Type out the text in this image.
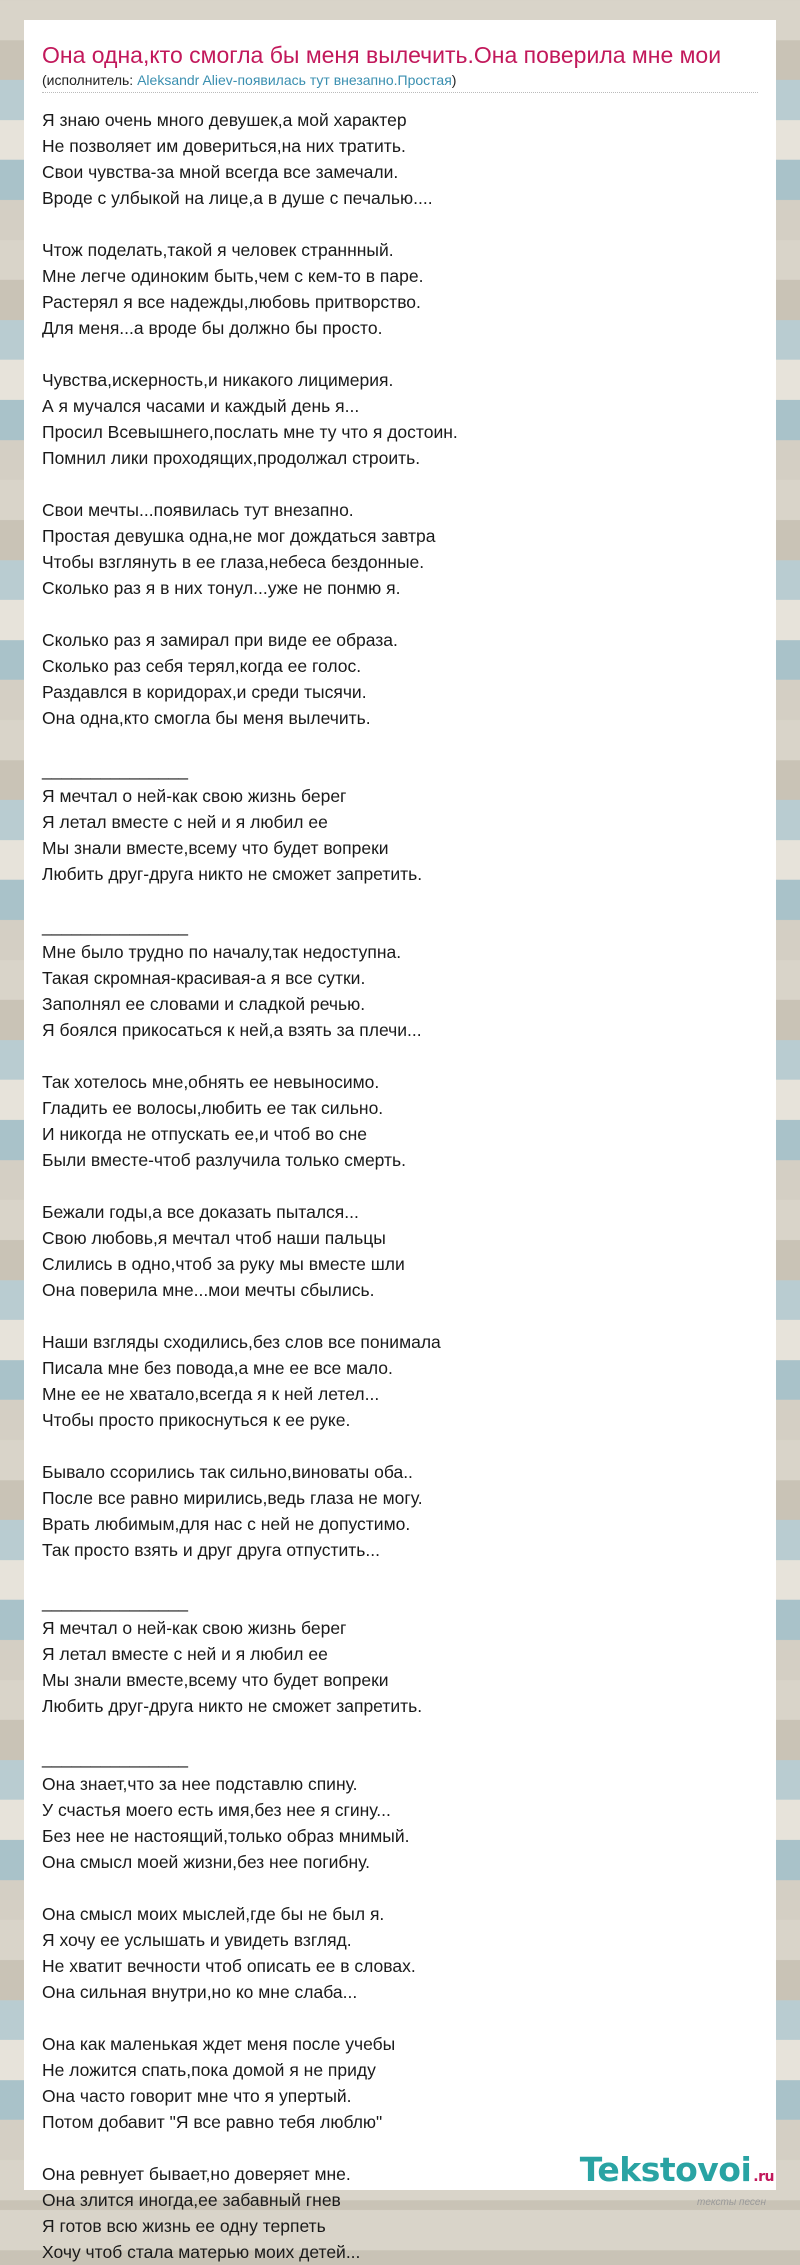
Она одна,кто смогла бы меня вылечить.Она поверила мне мои
(исполнитель: Aleksandr Aliev-появилась тут внезапно.Простая)
Я знаю очень много девушек,а мой характер
Не позволяет им довериться,на них тратить.
Свои чувства-за мной всегда все замечали.
Вроде с улбыкой на лице,а в душе с печалью....
Чтож поделать,такой я человек страннный.
Мне легче одиноким быть,чем с кем-то в паре.
Растерял я все надежды,любовь притворство.
Для меня...а вроде бы должно бы просто.
Чувства,искерность,и никакого лицимерия.
А я мучался часами и каждый день я...
Просил Всевышнего,послать мне ту что я достоин.
Помнил лики проходящих,продолжал строить.
Свои мечты...появилась тут внезапно.
Простая девушка одна,не мог дождаться завтра
Чтобы взглянуть в ее глаза,небеса бездонные.
Сколько раз я в них тонул...уже не понмю я.
Сколько раз я замирал при виде ее образа.
Сколько раз себя терял,когда ее голос.
Раздавлся в коридорах,и среди тысячи.
Она одна,кто смогла бы меня вылечить.
_______________
Я мечтал о ней-как свою жизнь берег
Я летал вместе с ней и я любил ее
Мы знали вместе,всему что будет вопреки
Любить друг-друга никто не сможет запретить.
_______________
Мне было трудно по началу,так недоступна.
Такая скромная-красивая-а я все сутки.
Заполнял ее словами и сладкой речью.
Я боялся прикосаться к ней,а взять за плечи...
Так хотелось мне,обнять ее невыносимо.
Гладить ее волосы,любить ее так сильно.
И никогда не отпускать ее,и чтоб во сне
Были вместе-чтоб разлучила только смерть.
Бежали годы,а все доказать пытался...
Свою любовь,я мечтал чтоб наши пальцы
Слились в одно,чтоб за руку мы вместе шли
Она поверила мне...мои мечты сбылись.
Наши взгляды сходились,без слов все понимала
Писала мне без повода,а мне ее все мало.
Мне ее не хватало,всегда я к ней летел...
Чтобы просто прикоснуться к ее руке.
Бывало ссорились так сильно,виноваты оба..
После все равно мирились,ведь глаза не могу.
Врать любимым,для нас с ней не допустимо.
Так просто взять и друг друга отпустить...
_______________
Я мечтал о ней-как свою жизнь берег
Я летал вместе с ней и я любил ее
Мы знали вместе,всему что будет вопреки
Любить друг-друга никто не сможет запретить.
_______________
Она знает,что за нее подставлю спину.
У счастья моего есть имя,без нее я сгину...
Без нее не настоящий,только образ мнимый.
Она смысл моей жизни,без нее погибну.
Она смысл моих мыслей,где бы не был я.
Я хочу ее услышать и увидеть взгляд.
Не хватит вечности чтоб описать ее в словах.
Она сильная внутри,но ко мне слаба...
Она как маленькая ждет меня после учебы
Не ложится спать,пока домой я не приду
Она часто говорит мне что я упертый.
Потом добавит "Я все равно тебя люблю"
Она ревнует бывает,но доверяет мне.
Она злится иногда,ее забавный гнев
Я готов всю жизнь ее одну терпеть
Хочу чтоб стала матерью моих детей...
Tekstovoi .ru
тексты песен
